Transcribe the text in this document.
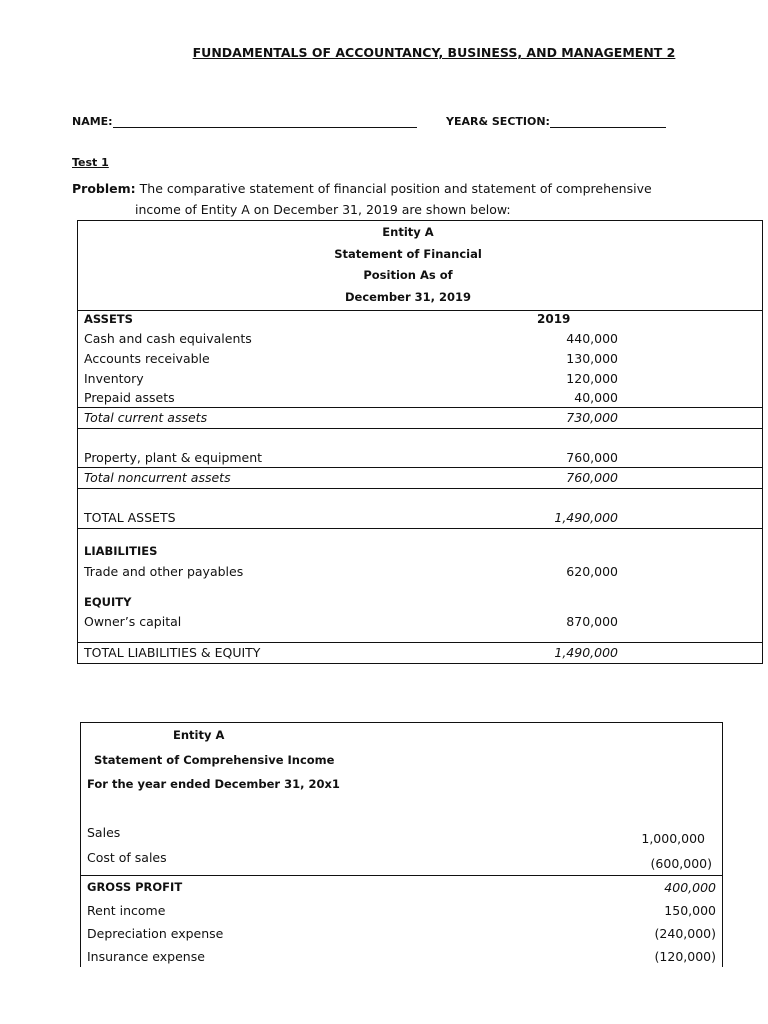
FUNDAMENTALS OF ACCOUNTANCY, BUSINESS, AND MANAGEMENT 2
NAME:	YEAR& SECTION:
Test 1
Problem: The comparative statement of financial position and statement of comprehensive
income of Entity A on December 31, 2019 are shown below:
Entity A
Statement of Financial
Position As of
December 31, 2019
ASSETS	2019
Cash and cash equivalents	440,000
Accounts receivable	130,000
Inventory	120,000
Prepaid assets	40,000
Total current assets	730,000
Property, plant & equipment	760,000
Total noncurrent assets	760,000
TOTAL ASSETS	1,490,000
LIABILITIES
Trade and other payables	620,000
EQUITY
Owner’s capital	870,000
TOTAL LIABILITIES & EQUITY	1,490,000
Entity A
Statement of Comprehensive Income
For the year ended December 31, 20x1
Sales	1,000,000
Cost of sales	(600,000)
GROSS PROFIT	400,000
Rent income	150,000
Depreciation expense	(240,000)
Insurance expense	(120,000)
